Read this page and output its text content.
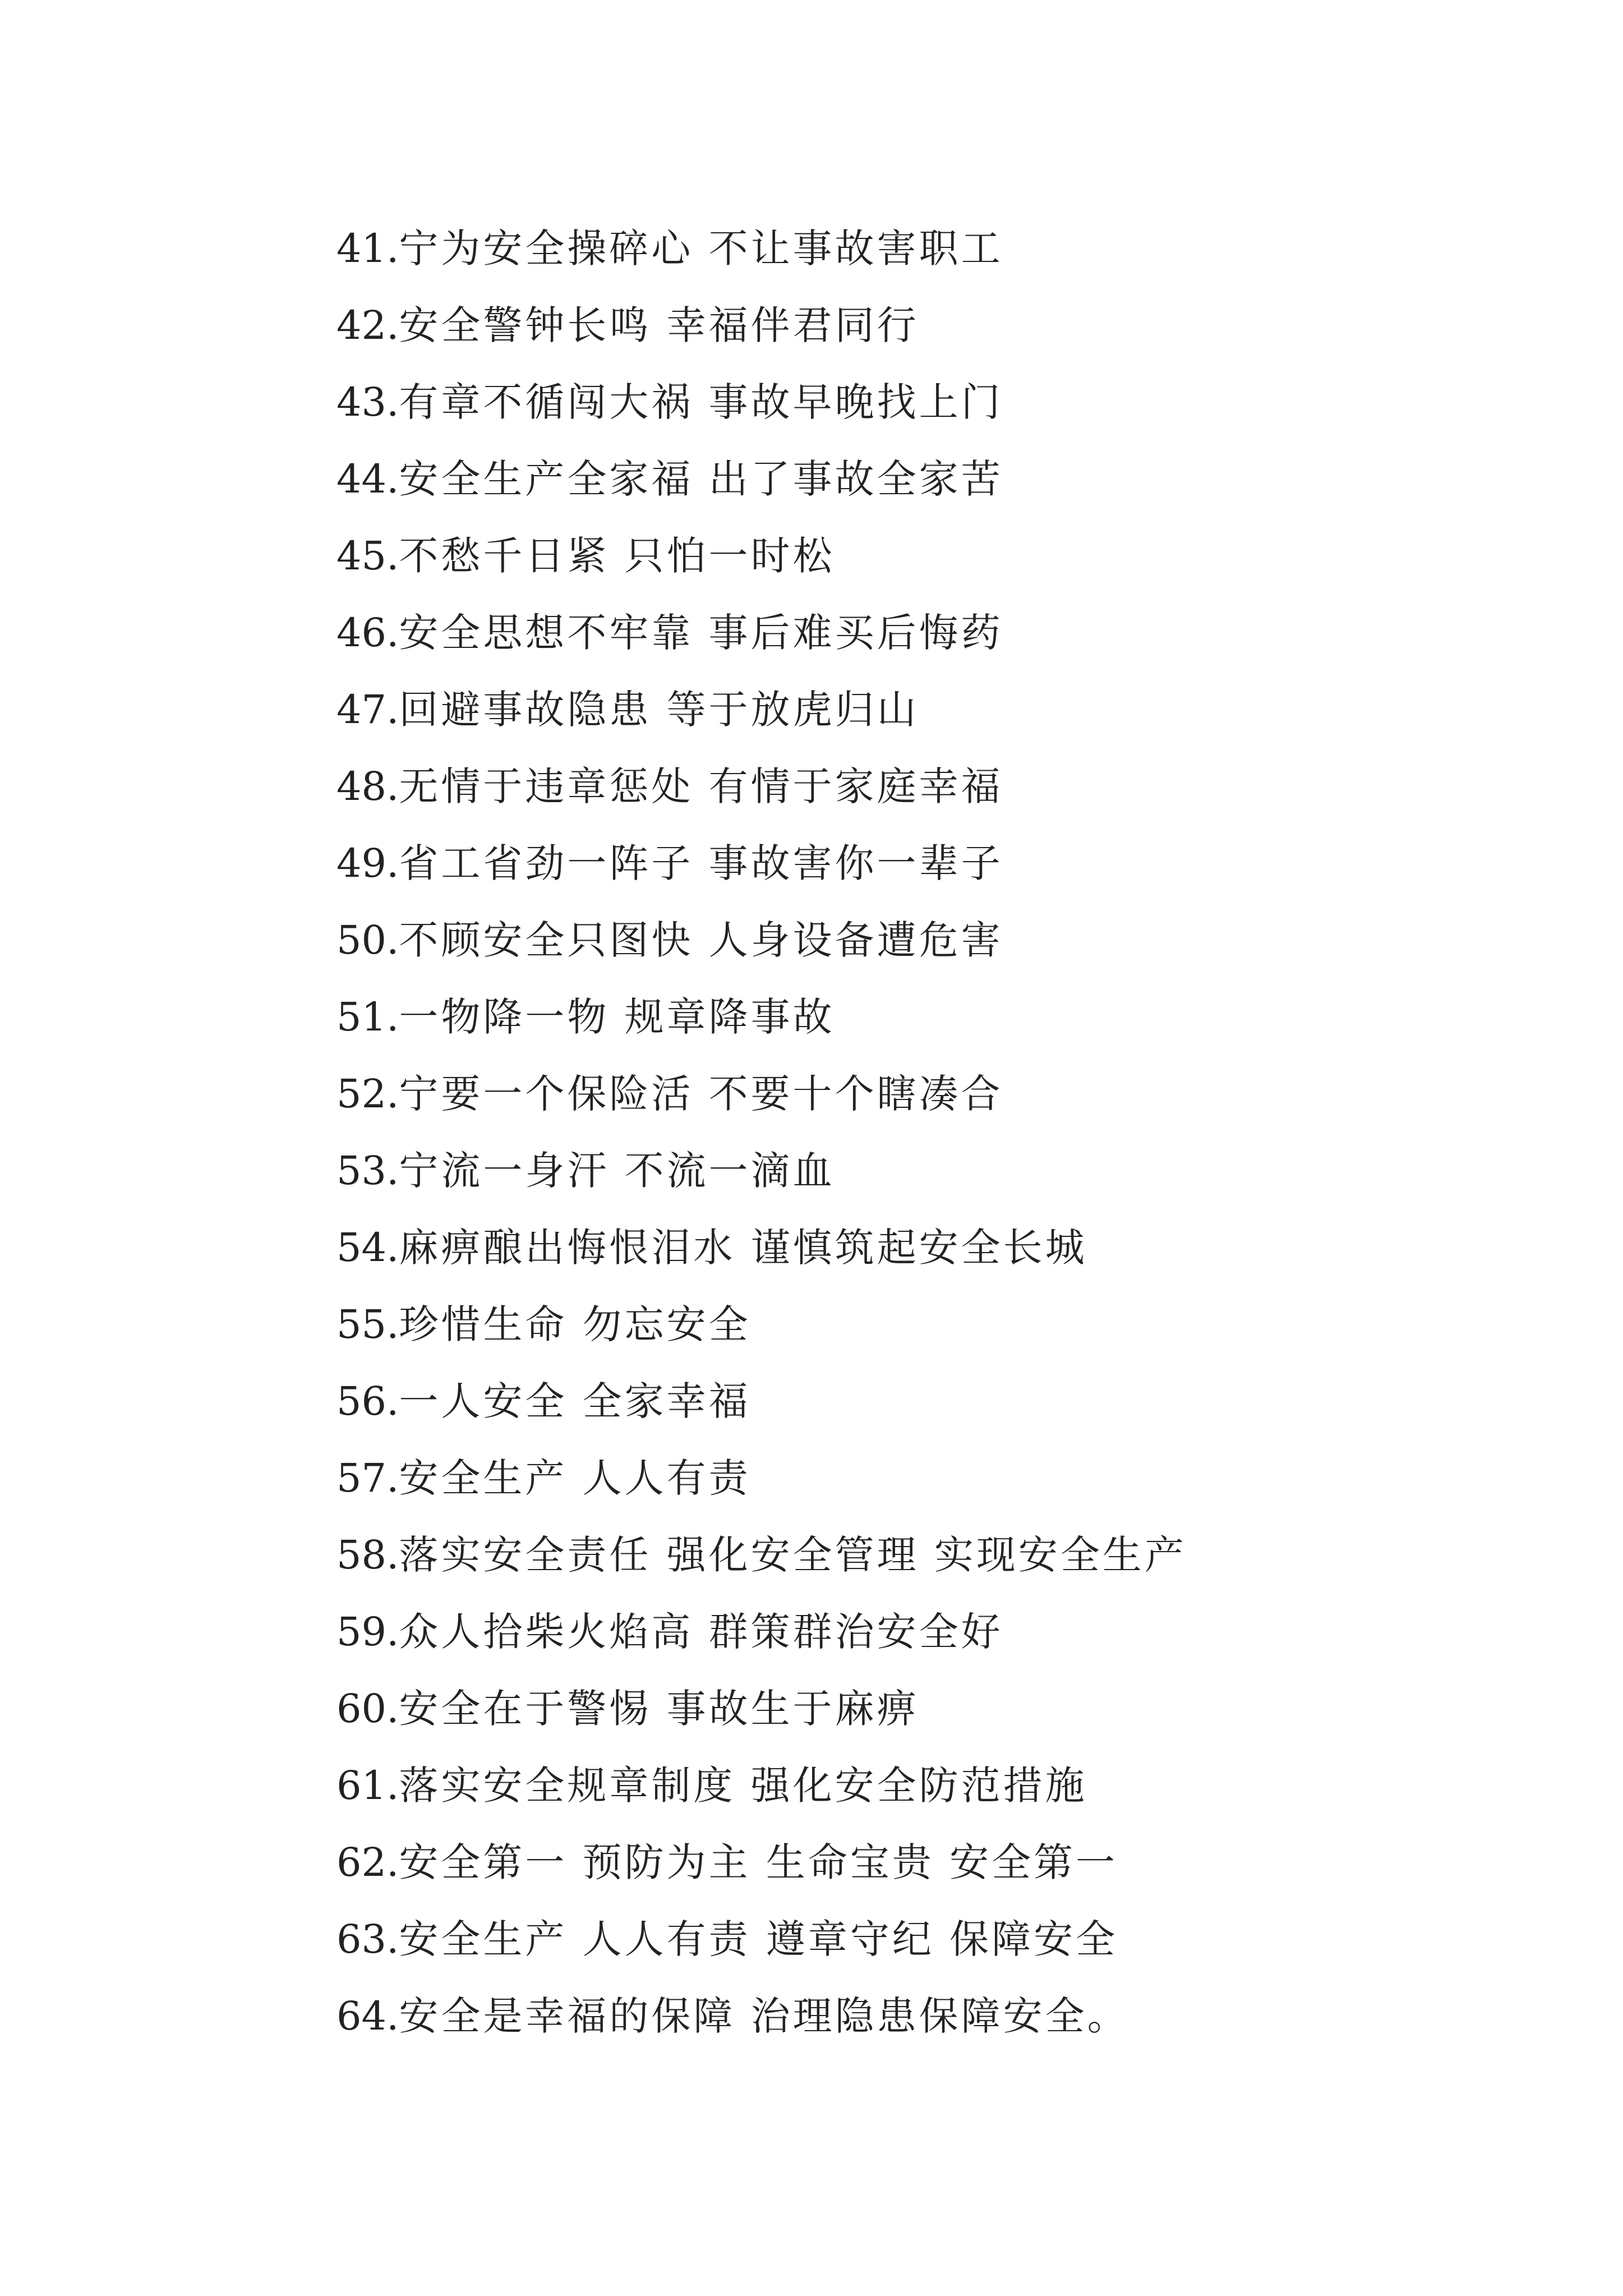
41.宁为安全操碎心 不让事故害职工
42.安全警钟长鸣 幸福伴君同行
43.有章不循闯大祸 事故早晚找上门
44.安全生产全家福 出了事故全家苦
45.不愁千日紧 只怕一时松
46.安全思想不牢靠 事后难买后悔药
47.回避事故隐患 等于放虎归山
48.无情于违章惩处 有情于家庭幸福
49.省工省劲一阵子 事故害你一辈子
50.不顾安全只图快 人身设备遭危害
51.一物降一物 规章降事故
52.宁要一个保险活 不要十个瞎凑合
53.宁流一身汗 不流一滴血
54.麻痹酿出悔恨泪水 谨慎筑起安全长城
55.珍惜生命 勿忘安全
56.一人安全 全家幸福
57.安全生产 人人有责
58.落实安全责任 强化安全管理 实现安全生产
59.众人拾柴火焰高 群策群治安全好
60.安全在于警惕 事故生于麻痹
61.落实安全规章制度 强化安全防范措施
62.安全第一 预防为主 生命宝贵 安全第一
63.安全生产 人人有责 遵章守纪 保障安全
64.安全是幸福的保障 治理隐患保障安全。
